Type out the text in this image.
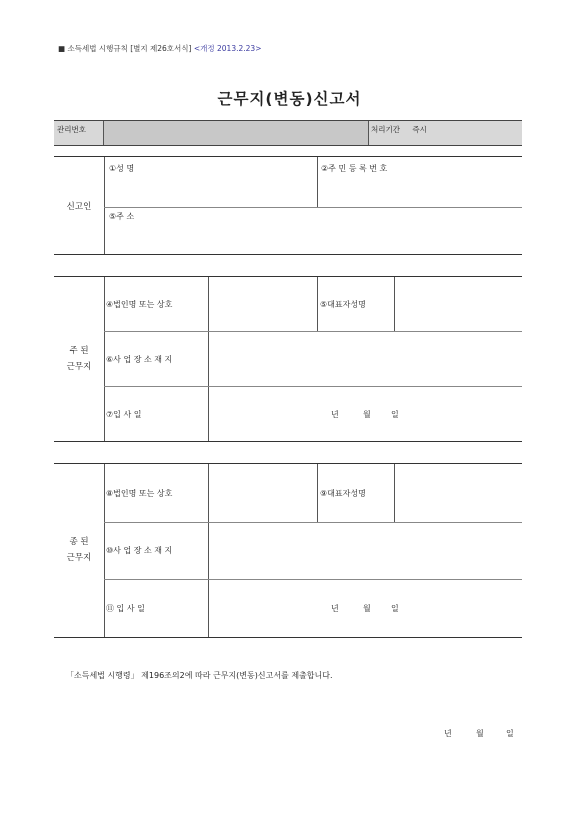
■ 소득세법 시행규칙 [별지 제26호서식] <개정 2013.2.23>
근무지(변동)신고서
관리번호	처리기간 즉시
신고인
①성 명	②주 민 등 록 번 호
⑤주 소
주 된
근무지
④법인명 또는 상호	⑤대표자성명
⑥사 업 장 소 재 지
⑦입 사 일	년	월	일
종 된
근무지
⑧법인명 또는 상호	⑨대표자성명
⑩사 업 장 소 재 지
⑪ 입 사 일	년	월	일
「소득세법 시행령」 제196조의2에 따라 근무지(변동)신고서를 제출합니다.
년	월	일
